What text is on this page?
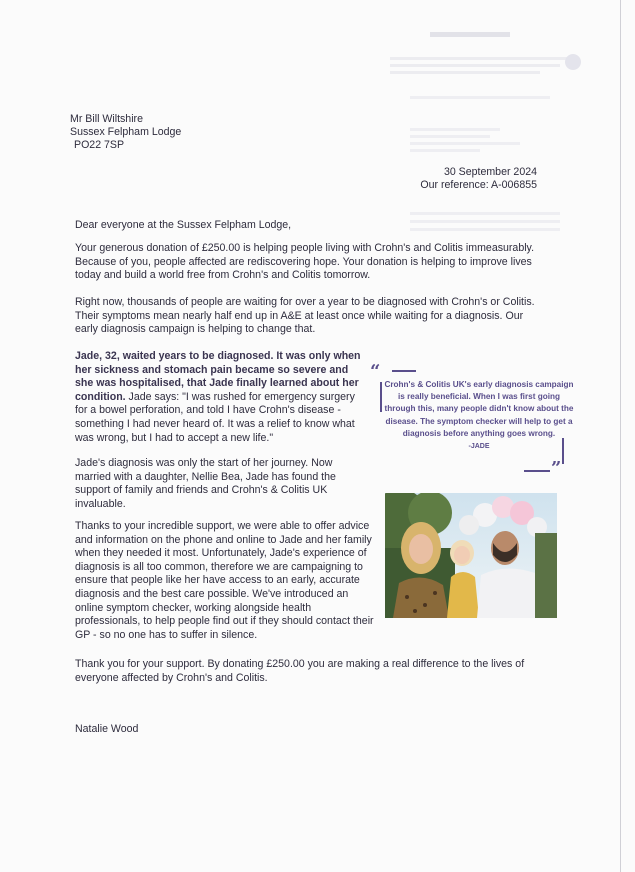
Mr Bill Wiltshire
Sussex Felpham Lodge
PO22 7SP
30 September 2024
Our reference: A-006855

Dear everyone at the Sussex Felpham Lodge,

Your generous donation of £250.00 is helping people living with Crohn's and Colitis immeasurably. Because of you, people affected are rediscovering hope. Your donation is helping to improve lives today and build a world free from Crohn's and Colitis tomorrow.

Right now, thousands of people are waiting for over a year to be diagnosed with Crohn's or Colitis. Their symptoms mean nearly half end up in A&E at least once while waiting for a diagnosis. Our early diagnosis campaign is helping to change that.

Jade, 32, waited years to be diagnosed. It was only when her sickness and stomach pain became so severe and she was hospitalised, that Jade finally learned about her condition. Jade says: "I was rushed for emergency surgery for a bowel perforation, and told I have Crohn's disease - something I had never heard of. It was a relief to know what was wrong, but I had to accept a new life."

Jade's diagnosis was only the start of her journey. Now married with a daughter, Nellie Bea, Jade has found the support of family and friends and Crohn's & Colitis UK invaluable.

Thanks to your incredible support, we were able to offer advice and information on the phone and online to Jade and her family when they needed it most. Unfortunately, Jade's experience of diagnosis is all too common, therefore we are campaigning to ensure that people like her have access to an early, accurate diagnosis and the best care possible. We've introduced an online symptom checker, working alongside health professionals, to help people find out if they should contact their GP - so no one has to suffer in silence.

Thank you for your support. By donating £250.00 you are making a real difference to the lives of everyone affected by Crohn's and Colitis.

Natalie Wood
“
Crohn's & Colitis UK's early diagnosis campaign is really beneficial. When I was first going through this, many people didn't know about the disease. The symptom checker will help to get a diagnosis before anything goes wrong.
-JADE
”
